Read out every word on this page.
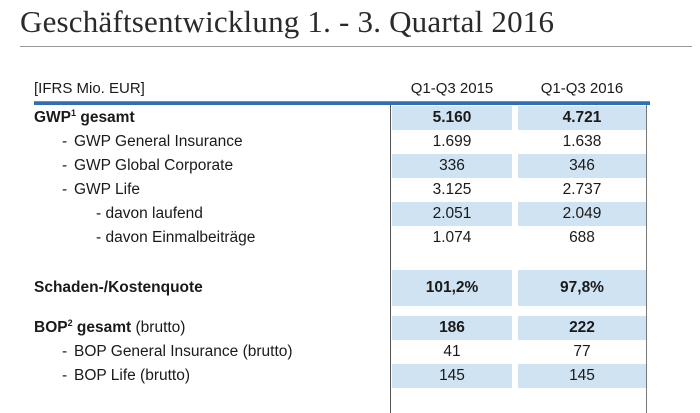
Geschäftsentwicklung 1. - 3. Quartal 2016
[IFRS Mio. EUR]	Q1-Q3 2015	Q1-Q3 2016
GWP$^1$ gesamt	5.160	4.721
- GWP General Insurance	1.699	1.638
- GWP Global Corporate	336	346
- GWP Life	3.125	2.737
- davon laufend	2.051	2.049
- davon Einmalbeiträge	1.074	688
Schaden-/Kostenquote	101,2%	97,8%
BOP$^2$ gesamt (brutto)	186	222
- BOP General Insurance (brutto)	41	77
- BOP Life (brutto)	145	145
